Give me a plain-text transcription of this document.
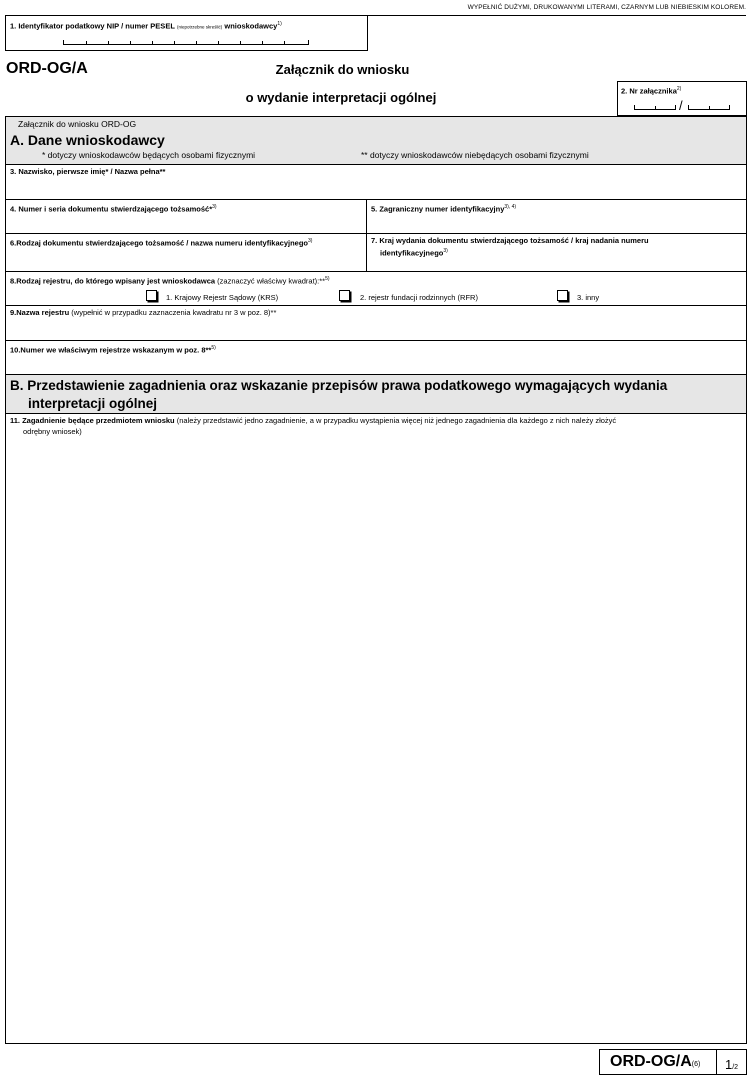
WYPEŁNIĆ DUŻYMI, DRUKOWANYMI LITERAMI, CZARNYM LUB NIEBIESKIM KOLOREM.
1. Identyfikator podatkowy NIP / numer PESEL (niepotrzebne skreślić) wnioskodawcy$^{1)}$
ORD-OG/A	Załącznik do wniosku
o wydanie interpretacji ogólnej	2. Nr załącznika$^{2)}$
/
Załącznik do wniosku ORD-OG
A. Dane wnioskodawcy
* dotyczy wnioskodawców będących osobami fizycznymi	** dotyczy wnioskodawców niebędących osobami fizycznymi
3. Nazwisko, pierwsze imię* / Nazwa pełna**
4. Numer i seria dokumentu stwierdzającego tożsamość*$^{3)}$	5. Zagraniczny numer identyfikacyjny$^{3), 4)}$
6.Rodzaj dokumentu stwierdzającego tożsamość / nazwa numeru identyfikacyjnego$^{3)}$	7. Kraj wydania dokumentu stwierdzającego tożsamość / kraj nadania numeru
identyfikacyjnego$^{3)}$
8.Rodzaj rejestru, do którego wpisany jest wnioskodawca (zaznaczyć właściwy kwadrat):**$^{5)}$
1. Krajowy Rejestr Sądowy (KRS)	2. rejestr fundacji rodzinnych (RFR)	3. inny
9.Nazwa rejestru (wypełnić w przypadku zaznaczenia kwadratu nr 3 w poz. 8)**
10.Numer we właściwym rejestrze wskazanym w poz. 8**$^{5)}$
B. Przedstawienie zagadnienia oraz wskazanie przepisów prawa podatkowego wymagających wydania
interpretacji ogólnej
11. Zagadnienie będące przedmiotem wniosku (należy przedstawić jedno zagadnienie, a w przypadku wystąpienia więcej niż jednego zagadnienia dla każdego z nich należy złożyć
odrębny wniosek)
ORD-OG/A(6) 1/2
